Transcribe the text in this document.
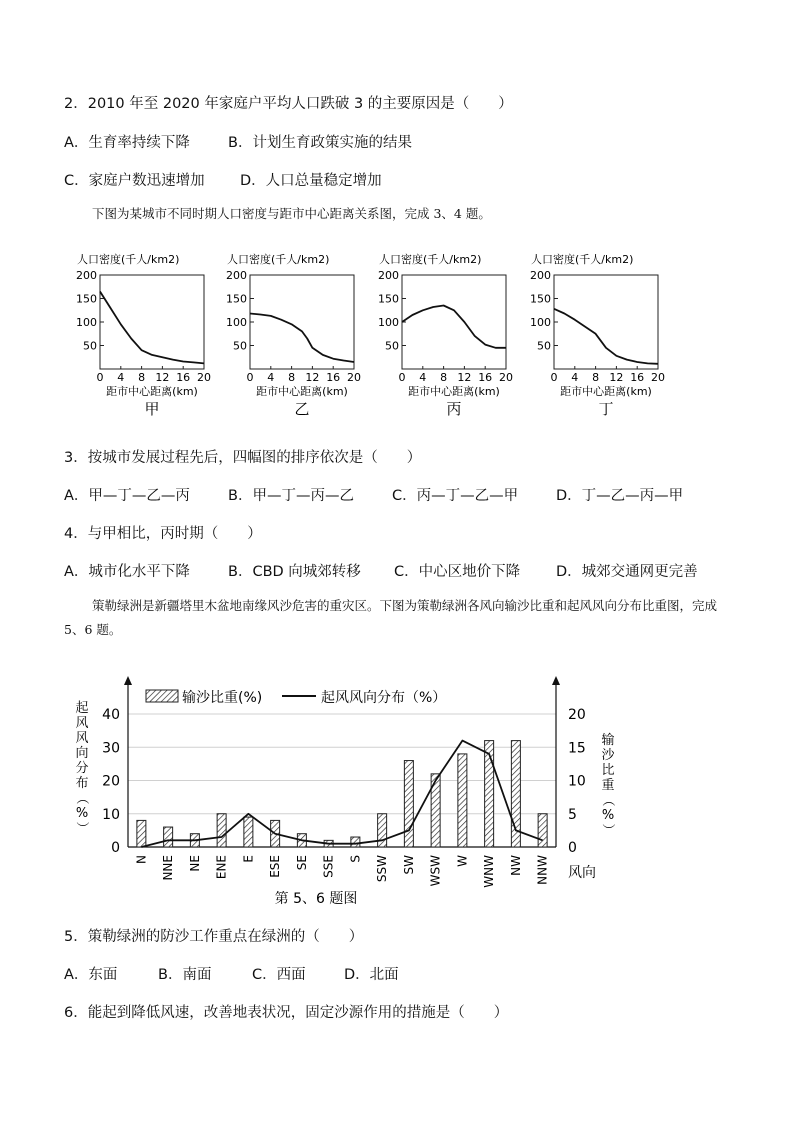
2．2010 年至 2020 年家庭户平均人口跌破 3 的主要原因是（　　）
A．生育率持续下降	B．计划生育政策实施的结果
C．家庭户数迅速增加 D．人口总量稳定增加
下图为某城市不同时期人口密度与距市中心距离关系图，完成 3、4 题。
人口密度(千人/km2)
200
150
100
50
0 4 8 12 16 20
距市中心距离(km)
甲
人口密度(千人/km2)
200
150
100
50
0 4 8 12 16 20
距市中心距离(km)
乙
人口密度(千人/km2)
200
150
100
50
0 4 8 12 16 20
距市中心距离(km)
丙
人口密度(千人/km2)
200
150
100
50
0 4 8 12 16 20
距市中心距离(km)
丁
3．按城市发展过程先后，四幅图的排序依次是（　　）
A．甲—丁—乙—丙	B．甲—丁—丙—乙	C．丙—丁—乙—甲	D．丁—乙—丙—甲
4．与甲相比，丙时期（　　）
A．城市化水平下降	B．CBD 向城郊转移 C．中心区地价下降 D．城郊交通网更完善
策勒绿洲是新疆塔里木盆地南缘风沙危害的重灾区。下图为策勒绿洲各风向输沙比重和起风风向分布比重图，完成 5、6 题。
0
10
20
30
40
0
5
10
15
20
N NNE NE ENE E ESE SE SSE S SSW SW WSW W WNW NW NNW 风向
第 5、6 题图
起
风
风
向
分
布
（
%
）
输
沙
比
重
（
%
）
输沙比重(%)	起风风向分布（%）
5．策勒绿洲的防沙工作重点在绿洲的（　　）
A．东面	B．南面	C．西面	D．北面
6．能起到降低风速，改善地表状况，固定沙源作用的措施是（　　）
